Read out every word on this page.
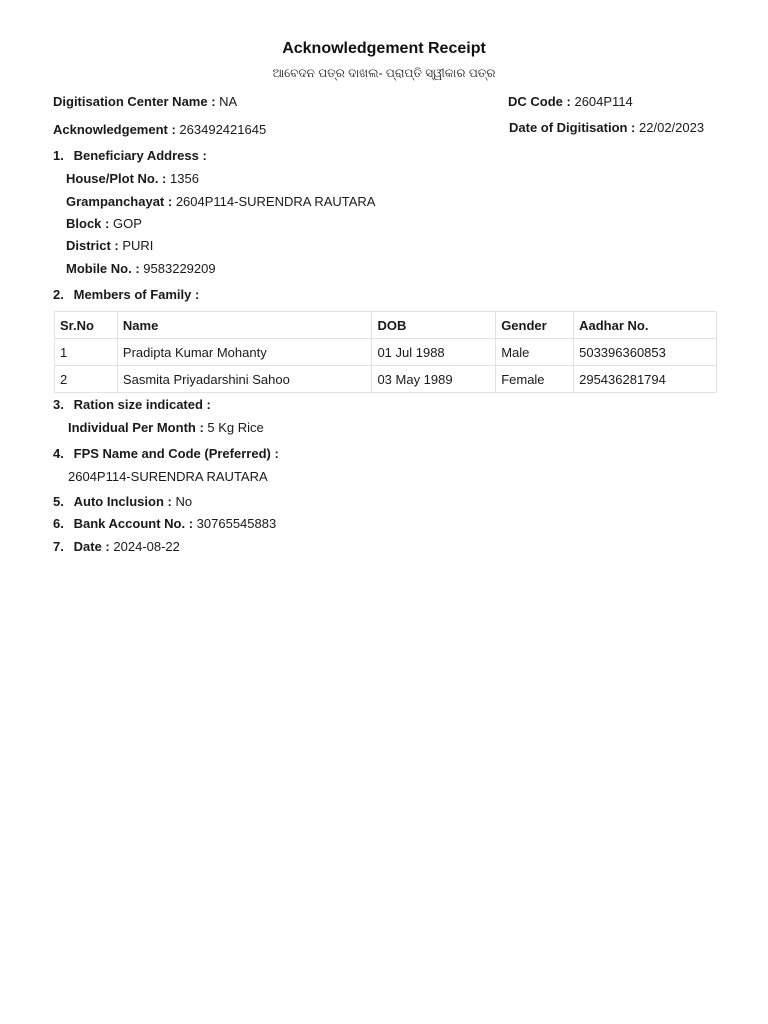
Acknowledgement Receipt
ଆବେଦନ ପତ୍ର ଦାଖଲ- ପ୍ରାପ୍ତି ସ୍ୱୀକାର ପତ୍ର
Digitisation Center Name : NA	DC Code : 2604P114
Acknowledgement : 263492421645	Date of Digitisation : 22/02/2023
1. Beneficiary Address :
House/Plot No. : 1356
Grampanchayat : 2604P114-SURENDRA RAUTARA
Block : GOP
District : PURI
Mobile No. : 9583229209
2. Members of Family :
Sr.No	Name	DOB	Gender	Aadhar No.
1	Pradipta Kumar Mohanty	01 Jul 1988	Male	503396360853
2	Sasmita Priyadarshini Sahoo	03 May 1989	Female	295436281794
3. Ration size indicated :
Individual Per Month : 5 Kg Rice
4. FPS Name and Code (Preferred) :
2604P114-SURENDRA RAUTARA
5. Auto Inclusion : No
6. Bank Account No. : 30765545883
7. Date : 2024-08-22
